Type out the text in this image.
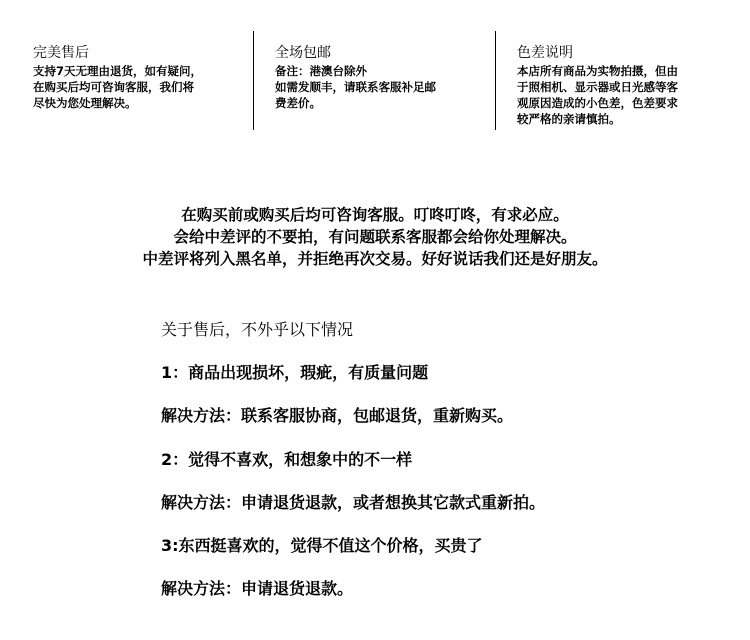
完美售后
支持7天无理由退货，如有疑问，
在购买后均可咨询客服，我们将
尽快为您处理解决。
全场包邮
备注：港澳台除外
如需发顺丰，请联系客服补足邮
费差价。
色差说明
本店所有商品为实物拍摄，但由
于照相机、显示器或日光感等客
观原因造成的小色差，色差要求
较严格的亲请慎拍。
在购买前或购买后均可咨询客服。叮咚叮咚，有求必应。
会给中差评的不要拍，有问题联系客服都会给你处理解决。
中差评将列入黑名单，并拒绝再次交易。好好说话我们还是好朋友。
关于售后，不外乎以下情况
1：商品出现损坏，瑕疵，有质量问题
解决方法：联系客服协商，包邮退货，重新购买。
2：觉得不喜欢，和想象中的不一样
解决方法：申请退货退款，或者想换其它款式重新拍。
3:东西挺喜欢的，觉得不值这个价格，买贵了
解决方法：申请退货退款。
